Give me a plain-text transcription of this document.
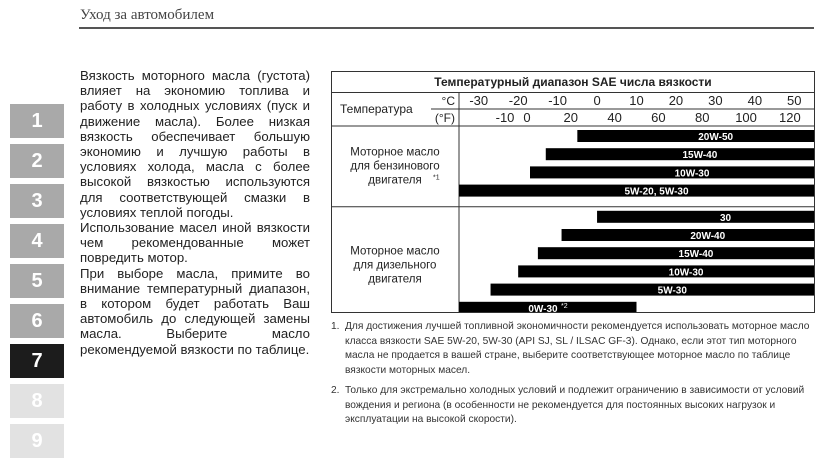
Уход за автомобилем
1
2
3
4
5
6
7
8
9

Вязкость моторного масла (густота) влияет на экономию топлива и работу в холодных условиях (пуск и движение масла). Более низкая вязкость обеспечивает большую экономию и лучшую работы в условиях холода, масла с более высокой вязкостью используются для соответствующей смазки в условиях теплой погоды.

Использование масел иной вязкости чем рекомендованные может повредить мотор.

При выборе масла, примите во внимание температурный диапазон, в котором будет работать Ваш автомобиль до следующей замены масла. Выберите масло рекомендуемой вязкости по таблице.

Температурный диапазон SAE числа вязкости
Температура
°C
(°F)
-30 -20 -10 0 10 20 30 40 50
-10 0	20 40 60 80 100 120
Моторное масло
для бензинового
двигателя *1
20W-50
15W-40
10W-30
5W-20, 5W-30
Моторное масло
для дизельного
двигателя
30
20W-40
15W-40
10W-30
5W-30
0W-30 *2
1. Для достижения лучшей топливной экономичности рекомендуется использовать моторное масло класса вязкости SAE 5W-20, 5W-30 (API SJ, SL / ILSAC GF-3). Однако, если этот тип моторного масла не продается в вашей стране, выберите соответствующее моторное масло по таблице вязкости моторных масел.
2. Только для экстремально холодных условий и подлежит ограничению в зависимости от условий вождения и региона (в особенности не рекомендуется для постоянных высоких нагрузок и эксплуатации на высокой скорости).
